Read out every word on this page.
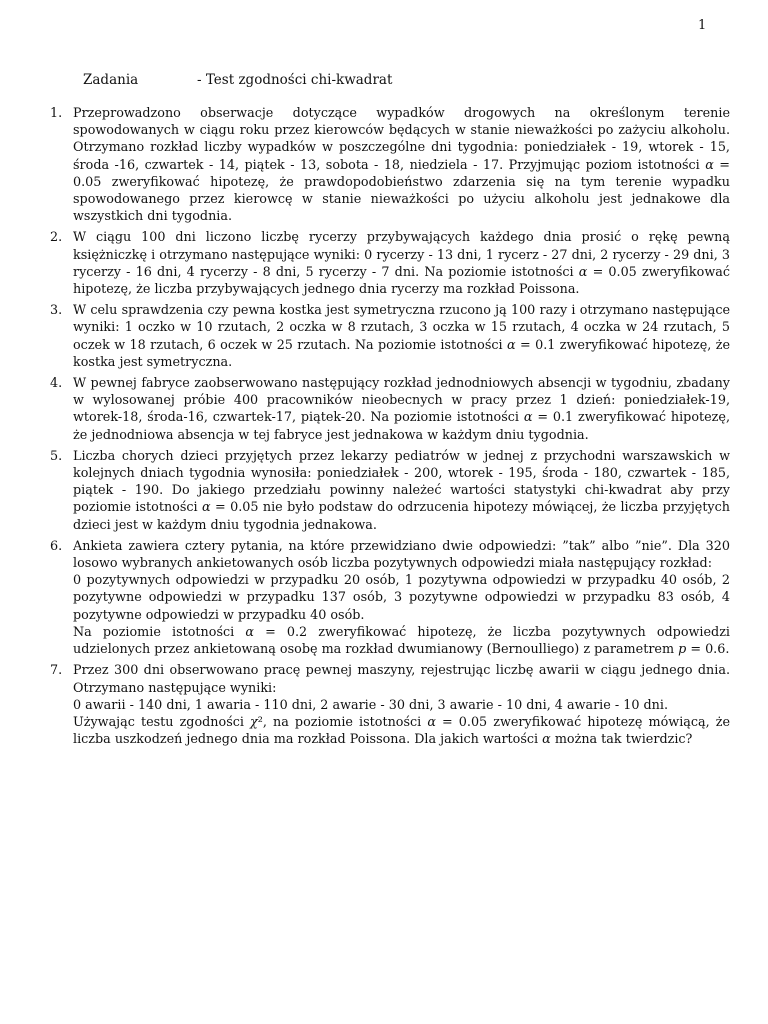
1
Zadania	- Test zgodności chi-kwadrat
1. Przeprowadzono obserwacje dotyczące wypadków drogowych na określonym terenie spowodowanych w ciągu roku przez kierowców będących w stanie nieważkości po zażyciu alkoholu. Otrzymano rozkład liczby wypadków w poszczególne dni tygodnia: poniedziałek - 19, wtorek - 15, środa -16, czwartek - 14, piątek - 13, sobota - 18, niedziela - 17. Przyjmując poziom istotności α = 0.05 zweryfikować hipotezę, że prawdopodobieństwo zdarzenia się na tym terenie wypadku spowodowanego przez kierowcę w stanie nieważkości po użyciu alkoholu jest jednakowe dla wszystkich dni tygodnia.

2. W ciągu 100 dni liczono liczbę rycerzy przybywających każdego dnia prosić o rękę pewną księżniczkę i otrzymano następujące wyniki: 0 rycerzy - 13 dni, 1 rycerz - 27 dni, 2 rycerzy - 29 dni, 3 rycerzy - 16 dni, 4 rycerzy - 8 dni, 5 rycerzy - 7 dni. Na poziomie istotności α = 0.05 zweryfikować hipotezę, że liczba przybywających jednego dnia rycerzy ma rozkład Poissona.

3. W celu sprawdzenia czy pewna kostka jest symetryczna rzucono ją 100 razy i otrzymano następujące wyniki: 1 oczko w 10 rzutach, 2 oczka w 8 rzutach, 3 oczka w 15 rzutach, 4 oczka w 24 rzutach, 5 oczek w 18 rzutach, 6 oczek w 25 rzutach. Na poziomie istotności α = 0.1 zweryfikować hipotezę, że kostka jest symetryczna.

4. W pewnej fabryce zaobserwowano następujący rozkład jednodniowych absencji w tygodniu, zbadany w wylosowanej próbie 400 pracowników nieobecnych w pracy przez 1 dzień: poniedziałek-19, wtorek-18, środa-16, czwartek-17, piątek-20. Na poziomie istotności α = 0.1 zweryfikować hipotezę, że jednodniowa absencja w tej fabryce jest jednakowa w każdym dniu tygodnia.

5. Liczba chorych dzieci przyjętych przez lekarzy pediatrów w jednej z przychodni warszawskich w kolejnych dniach tygodnia wynosiła: poniedziałek - 200, wtorek - 195, środa - 180, czwartek - 185, piątek - 190. Do jakiego przedziału powinny należeć wartości statystyki chi-kwadrat aby przy poziomie istotności α = 0.05 nie było podstaw do odrzucenia hipotezy mówiącej, że liczba przyjętych dzieci jest w każdym dniu tygodnia jednakowa.

6. Ankieta zawiera cztery pytania, na które przewidziano dwie odpowiedzi: ”tak” albo ”nie”. Dla 320 losowo wybranych ankietowanych osób liczba pozytywnych odpowiedzi miała następujący rozkład:

0 pozytywnych odpowiedzi w przypadku 20 osób, 1 pozytywna odpowiedzi w przypadku 40 osób, 2 pozytywne odpowiedzi w przypadku 137 osób, 3 pozytywne odpowiedzi w przypadku 83 osób, 4 pozytywne odpowiedzi w przypadku 40 osób.

Na poziomie istotności α = 0.2 zweryfikować hipotezę, że liczba pozytywnych odpowiedzi udzielonych przez ankietowaną osobę ma rozkład dwumianowy (Bernoulliego) z parametrem p = 0.6.

7. Przez 300 dni obserwowano pracę pewnej maszyny, rejestrując liczbę awarii w ciągu jednego dnia. Otrzymano następujące wyniki:

0 awarii - 140 dni, 1 awaria - 110 dni, 2 awarie - 30 dni, 3 awarie - 10 dni, 4 awarie - 10 dni.

Używając testu zgodności χ², na poziomie istotności α = 0.05 zweryfikować hipotezę mówiącą, że liczba uszkodzeń jednego dnia ma rozkład Poissona. Dla jakich wartości α można tak twierdzic?
